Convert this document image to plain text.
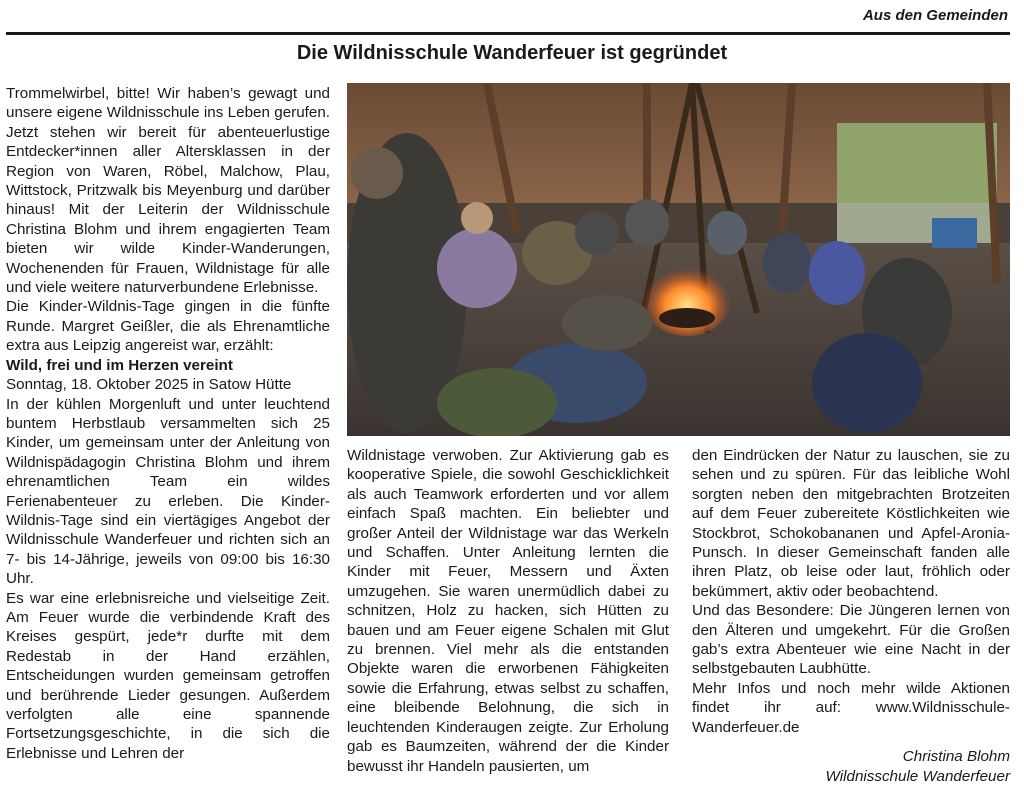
Aus den Gemeinden
Die Wildnisschule Wanderfeuer ist gegründet

Trommelwirbel, bitte! Wir haben’s gewagt und unsere eigene Wildnisschule ins Leben gerufen. Jetzt stehen wir bereit für abenteuerlustige Entdecker*innen aller Altersklassen in der Region von Waren, Röbel, Malchow, Plau, Wittstock, Pritzwalk bis Meyenburg und darüber hinaus! Mit der Leiterin der Wildnisschule Christina Blohm und ihrem engagierten Team bieten wir wilde Kinder-Wanderungen, Wochenenden für Frauen, Wildnistage für alle und viele weitere naturverbundene Erlebnisse.

Die Kinder-Wildnis-Tage gingen in die fünfte Runde. Margret Geißler, die als Ehrenamtliche extra aus Leipzig angereist war, erzählt:

Wild, frei und im Herzen vereint

Sonntag, 18. Oktober 2025 in Satow Hütte

In der kühlen Morgenluft und unter leuchtend buntem Herbstlaub versammelten sich 25 Kinder, um gemeinsam unter der Anleitung von Wildnispädagogin Christina Blohm und ihrem ehrenamtlichen Team ein wildes Ferienabenteuer zu erleben. Die Kinder-Wildnis-Tage sind ein viertägiges Angebot der Wildnisschule Wanderfeuer und richten sich an 7- bis 14-Jährige, jeweils von 09:00 bis 16:30 Uhr.

Es war eine erlebnisreiche und vielseitige Zeit. Am Feuer wurde die verbindende Kraft des Kreises gespürt, jede*r durfte mit dem Redestab in der Hand erzählen, Entscheidungen wurden gemeinsam getroffen und berührende Lieder gesungen. Außerdem verfolgten alle eine spannende Fortsetzungsgeschichte, in die sich die Erlebnisse und Lehren der

Wildnistage verwoben. Zur Aktivierung gab es kooperative Spiele, die sowohl Geschicklichkeit als auch Teamwork erforderten und vor allem einfach Spaß machten. Ein beliebter und großer Anteil der Wildnistage war das Werkeln und Schaffen. Unter Anleitung lernten die Kinder mit Feuer, Messern und Äxten umzugehen. Sie waren unermüdlich dabei zu schnitzen, Holz zu hacken, sich Hütten zu bauen und am Feuer eigene Schalen mit Glut zu brennen. Viel mehr als die entstanden Objekte waren die erworbenen Fähigkeiten sowie die Erfahrung, etwas selbst zu schaffen, eine bleibende Belohnung, die sich in leuchtenden Kinderaugen zeigte. Zur Erholung gab es Baumzeiten, während der die Kinder bewusst ihr Handeln pausierten, um

den Eindrücken der Natur zu lauschen, sie zu sehen und zu spüren. Für das leibliche Wohl sorgten neben den mitgebrachten Brotzeiten auf dem Feuer zubereitete Köstlichkeiten wie Stockbrot, Schokobananen und Apfel-Aronia-Punsch. In dieser Gemeinschaft fanden alle ihren Platz, ob leise oder laut, fröhlich oder bekümmert, aktiv oder beobachtend.

Und das Besondere: Die Jüngeren lernen von den Älteren und umgekehrt. Für die Großen gab’s extra Abenteuer wie eine Nacht in der selbstgebauten Laubhütte.

Mehr Infos und noch mehr wilde Aktionen findet ihr auf: www.Wildnisschule-Wanderfeuer.de

Christina Blohm

Wildnisschule Wanderfeuer
